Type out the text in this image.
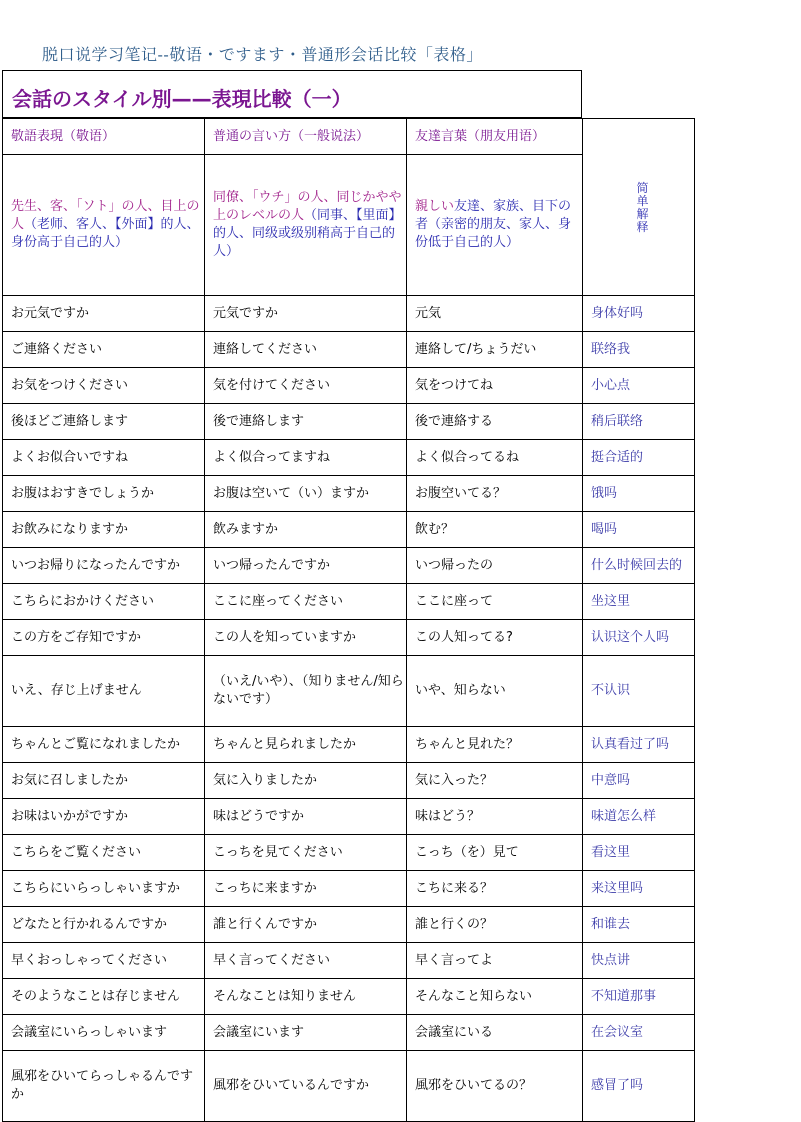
脱口说学习笔记--敬语・ですます・普通形会话比较「表格」
会話のスタイル別——表現比較（一）
敬語表現（敬语）	普通の言い方（一般说法）	友達言葉（朋友用语）	简单解释

先生、客、「ソト」の人、目上の人（老师、客人、【外面】的人、身份高于自己的人）	同僚、「ウチ」の人、同じかやや上のレベルの人（同事、【里面】的人、同级或级别稍高于自己的人）	親しい友達、家族、目下の者（亲密的朋友、家人、身份低于自己的人）	
お元気ですか	元気ですか	元気	身体好吗
ご連絡ください	連絡してください	連絡して/ちょうだい	联络我
お気をつけください	気を付けてください	気をつけてね	小心点
後ほどご連絡します	後で連絡します	後で連絡する	稍后联络
よくお似合いですね	よく似合ってますね	よく似合ってるね	挺合适的
お腹はおすきでしょうか	お腹は空いて（い）ますか	お腹空いてる？	饿吗
お飲みになりますか	飲みますか	飲む？	喝吗
いつお帰りになったんですか	いつ帰ったんですか	いつ帰ったの	什么时候回去的
こちらにおかけください	ここに座ってください	ここに座って	坐这里
この方をご存知ですか	この人を知っていますか	この人知ってる?	认识这个人吗
いえ、存じ上げません	（いえ/いや）、（知りません/知らないです）	いや、知らない	不认识
ちゃんとご覧になれましたか	ちゃんと見られましたか	ちゃんと見れた？	认真看过了吗
お気に召しましたか	気に入りましたか	気に入った？	中意吗
お味はいかがですか	味はどうですか	味はどう？	味道怎么样
こちらをご覧ください	こっちを見てください	こっち（を）見て	看这里
こちらにいらっしゃいますか	こっちに来ますか	こちに来る？	来这里吗
どなたと行かれるんですか	誰と行くんですか	誰と行くの？	和谁去
早くおっしゃってください	早く言ってください	早く言ってよ	快点讲
そのようなことは存じません	そんなことは知りません	そんなこと知らない	不知道那事
会議室にいらっしゃいます	会議室にいます	会議室にいる	在会议室
風邪をひいてらっしゃるんですか	風邪をひいているんですか	風邪をひいてるの？	感冒了吗
